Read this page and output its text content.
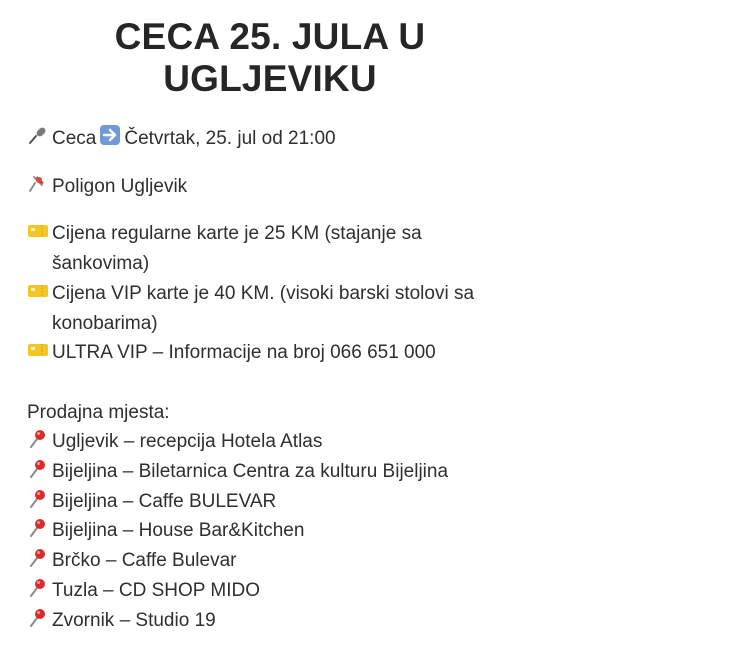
CECA 25. JULA U UGLJEVIKU
Ceca Četvrtak, 25. jul od 21:00
Poligon Ugljevik
Cijena regularne karte je 25 KM (stajanje sa šankovima)
Cijena VIP karte je 40 KM. (visoki barski stolovi sa konobarima)
ULTRA VIP – Informacije na broj 066 651 000
Prodajna mjesta:
Ugljevik – recepcija Hotela Atlas
Bijeljina – Biletarnica Centra za kulturu Bijeljina
Bijeljina – Caffe BULEVAR
Bijeljina – House Bar&Kitchen
Brčko – Caffe Bulevar
Tuzla – CD SHOP MIDO
Zvornik – Studio 19
